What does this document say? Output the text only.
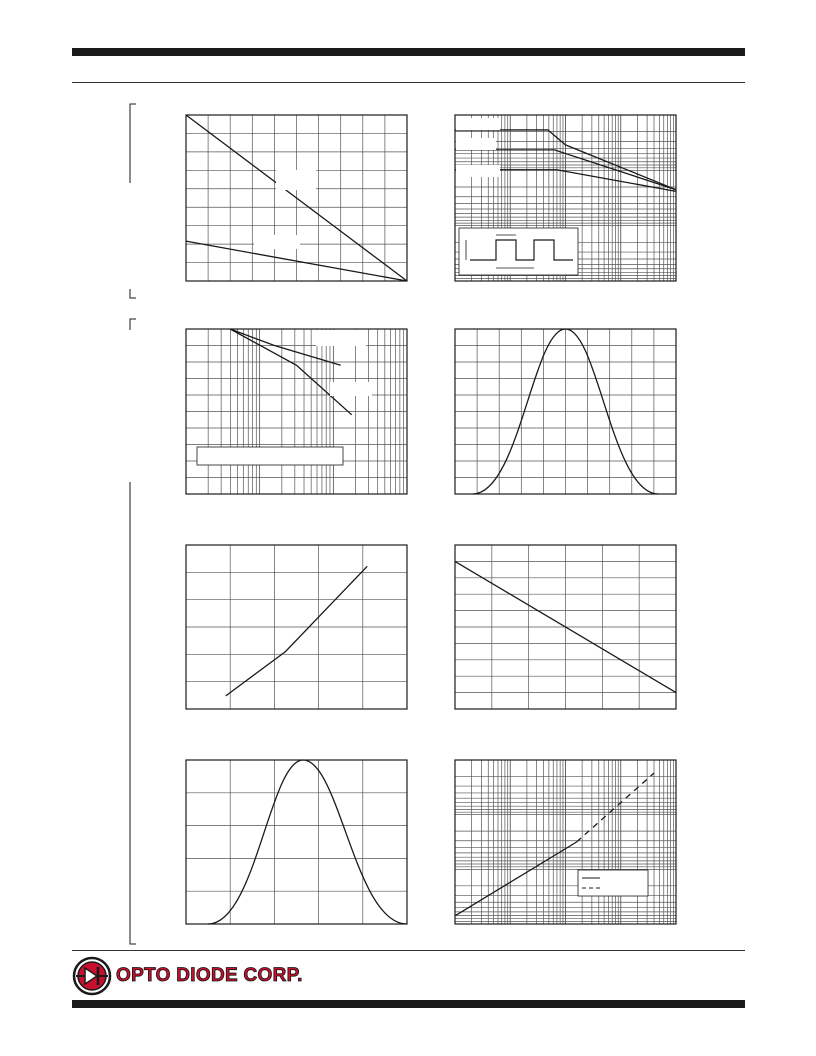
OPTO DIODE CORP.
